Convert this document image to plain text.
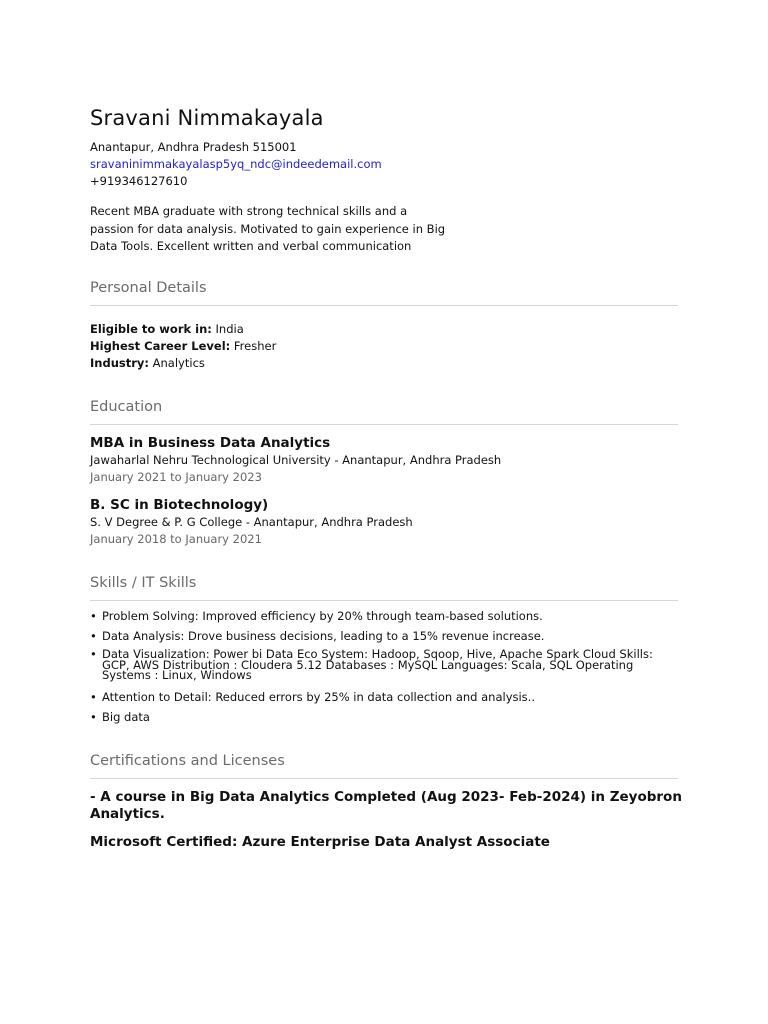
Sravani Nimmakayala
Anantapur, Andhra Pradesh 515001
sravaninimmakayalasp5yq_ndc@indeedemail.com
+919346127610
Recent MBA graduate with strong technical skills and a passion for data analysis. Motivated to gain experience in Big Data Tools. Excellent written and verbal communication
Personal Details
Eligible to work in: India
Highest Career Level: Fresher
Industry: Analytics
Education
MBA in Business Data Analytics
Jawaharlal Nehru Technological University - Anantapur, Andhra Pradesh
January 2021 to January 2023
B. SC in Biotechnology)
S. V Degree & P. G College - Anantapur, Andhra Pradesh
January 2018 to January 2021
Skills / IT Skills
• Problem Solving: Improved efficiency by 20% through team-based solutions.
• Data Analysis: Drove business decisions, leading to a 15% revenue increase.
• Data Visualization: Power bi Data Eco System: Hadoop, Sqoop, Hive, Apache Spark Cloud Skills: GCP, AWS Distribution : Cloudera 5.12 Databases : MySQL Languages: Scala, SQL Operating Systems : Linux, Windows
• Attention to Detail: Reduced errors by 25% in data collection and analysis..
• Big data
Certifications and Licenses
- A course in Big Data Analytics Completed (Aug 2023- Feb-2024) in Zeyobron Analytics.
Microsoft Certified: Azure Enterprise Data Analyst Associate
